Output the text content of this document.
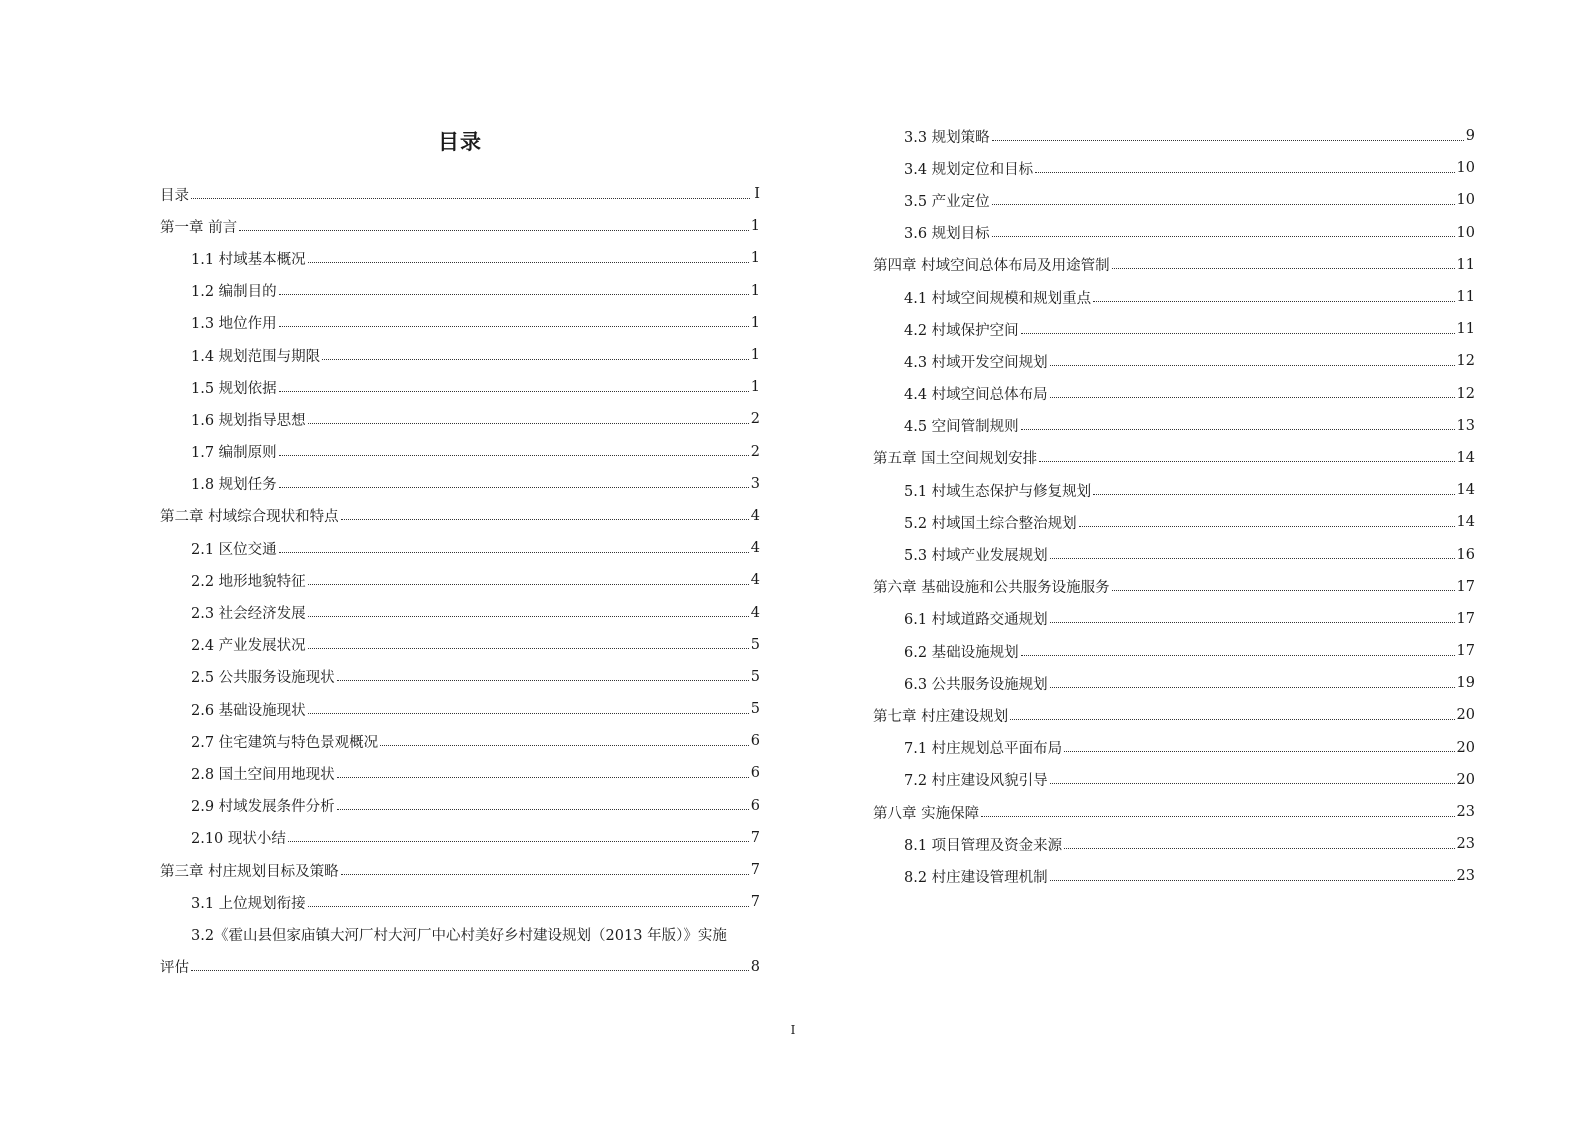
目录
目录	I
第一章 前言	1
1.1 村域基本概况	1
1.2 编制目的	1
1.3 地位作用	1
1.4 规划范围与期限	1
1.5 规划依据	1
1.6 规划指导思想	2
1.7 编制原则	2
1.8 规划任务	3
第二章 村域综合现状和特点	4
2.1 区位交通	4
2.2 地形地貌特征	4
2.3 社会经济发展	4
2.4 产业发展状况	5
2.5 公共服务设施现状	5
2.6 基础设施现状	5
2.7 住宅建筑与特色景观概况	6
2.8 国土空间用地现状	6
2.9 村域发展条件分析	6
2.10 现状小结	7
第三章 村庄规划目标及策略	7
3.1 上位规划衔接	7
3.2《霍山县但家庙镇大河厂村大河厂中心村美好乡村建设规划（2013 年版）》实施
评估	8
3.3 规划策略	9
3.4 规划定位和目标	10
3.5 产业定位	10
3.6 规划目标	10
第四章 村域空间总体布局及用途管制	11
4.1 村域空间规模和规划重点	11
4.2 村域保护空间	11
4.3 村域开发空间规划	12
4.4 村域空间总体布局	12
4.5 空间管制规则	13
第五章 国土空间规划安排	14
5.1 村域生态保护与修复规划	14
5.2 村域国土综合整治规划	14
5.3 村域产业发展规划	16
第六章 基础设施和公共服务设施服务	17
6.1 村域道路交通规划	17
6.2 基础设施规划	17
6.3 公共服务设施规划	19
第七章 村庄建设规划	20
7.1 村庄规划总平面布局	20
7.2 村庄建设风貌引导	20
第八章 实施保障	23
8.1 项目管理及资金来源	23
8.2 村庄建设管理机制	23
I
